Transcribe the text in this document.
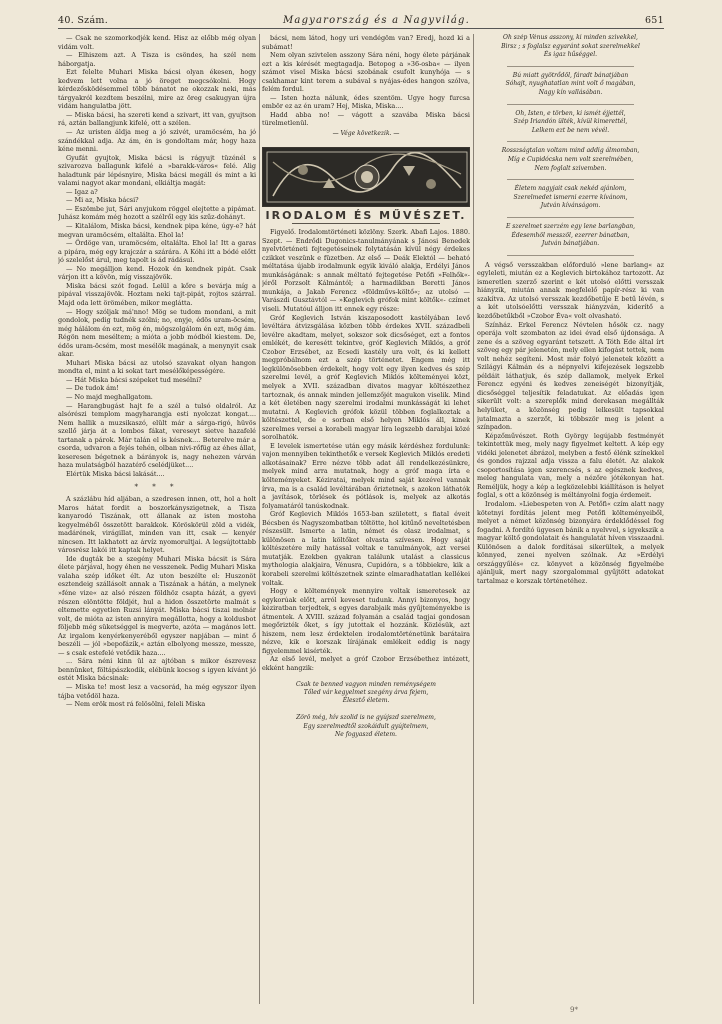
40. Szám.	Magyarország és a Nagyvilág.	651

— Csak ne szomorkodjék kend. Hisz az előbb még olyan vidám volt.

— Elhiszem azt. A Tisza is csöndes, ha szél nem háborgatja.

Ezt felelte Muhari Miska bácsi olyan ékesen, hogy kedvem lett volna a jó öreget megcsókolni. Hogy kérdezősködésemmel több bánatot ne okozzak neki, más tárgyakról kezdtem beszélni, mire az öreg csakugyan újra vidám hangulatba jött.

— Miska bácsi, ha szereti kend a szivart, itt van, gyujtson rá, aztán ballangjunk kifelé, ott a szélen.

— Az uristen áldja meg a jó szivét, uramöcsém, ha jó szándékkal adja. Az ám, én is gondoltam már, hogy haza kéne menni.

Gyufát gyujtok, Miska bácsi is rágyujt tüzénél s szivarozva ballagunk kifelé a »barakk-város« felé. Alig haladtunk pár lépésnyire, Miska bácsi megáll és mint a ki valami nagyot akar mondani, elkiáltja magát:

— Igaz a?

— Mi az, Miska bácsi?

— Eszömbe jut, Sári anyjukom röggel elejtette a pipámat. Juhász komám még hozott a szélről egy kis szűz-dohányt.

— Kitalálom, Miska bácsi, kendnek pipa kéne, úgy-e? hát megvan uramöcsém, eltaláltа. Ehol la!

— Ördöge van, uramöcsém, eltalálta. Ehol la! Itt a garas a pipára, még egy krajczár a szárára. A Kóhi itt a bódé előtt jó szelelőst árul, meg tapolt is ád rádásul.

— No megálljon kend. Hozok én kendnek pipát. Csak várjon itt a kövön, míg visszajövök.

Miska bácsi szót fogad. Lelül a kőre s bevárja míg a pipával visszajövök. Hoztam neki tajt-pipát, rojtos szárral. Majd oda lett örömében, mikor meglátta.

— Hogy szóljak má'nno! Mög se tudom mondani, a mit gondolok, pedig tudnék szólni; no, enyje, édös uram-öcsém, még hálálom én ezt, mög én, mögszolgálom én ezt, mög ám. Régön nem meséltem; a mióta a jobb módból kiestem. De, édös uram-öcsém, most mesélök magának, a menynyit csak akar.

Muhari Miska bácsi az utolsó szavakat olyan hangon mondta el, mint a ki sokat tart mesélőképességére.

— Hát Miska bácsi szépeket tud mesélni?

— De tudok ám!

— No majd meghallgatom.

— Harangbugást hajt fe a szél a tulsó oldalról. Az alsórészi templom magyharangja esti nyolczat kongat.... Nem hallik a muzsikaszó, elült már a sárga-rigó, hüvös szellő járja át a lombos fákat, vereseyt sietve hazafelé tartanak a párok. Már talán el is késnek.... Beterelve már a csorda, udvaron a fejés tehén, olban nivi-rőfüg az éhes állat, keseresen bégetnek a bárányok is, nagy nehezen várván haza mulatságból hazatérő cselédjüket....

Elértük Miska bácsi lakását....

* * *

A százlábu híd aljában, a szedresen innen, ott, hol a holt Maros hátat fordit a boszorkányszigetnek, a Tisza kanyarodó Tiszának, ott állanak az isten mostoha kegyelméből összetött barakkok. Köröskörül zöld a vidék, madárének, virágillat, minden van itt, csak — kenyér nincsen. Itt lakhatott az árvíz nyomorultjai. A legsújtottabb városrész lakói itt kaptak helyet.

Ide dugták be a szegény Muhari Miska bácsit is Sára élete párjával, hogy éhen ne vesszenek. Pedig Muhari Miska valaha szép időket élt. Az uton beszélte el: Huszonöt esztendeig szállásolt annak a Tiszának a hátán, a melynek »féne vize« az alsó részen földhöz csapta házát, a gyevi részen elöntötte földjét, hul a hidon összetörte malmát s eltemette egyetlen Ruzsi lányát. Miska bácsi tiszai molnár volt, de mióta az isten annyira megállotta, hogy a koldusbot följebb még süketséggel is megverte, azóta — magános lett. Az irgalom kenyérkenyeréből egyszer napjában — mint ő beszéli — jól »bepofázik,« aztán elbolyong messze, messze, — s csak estefelé vetődik haza....

... Sára néni kinn ül az ajtóban s mikor észrevesz bennünket, föltápászkodik, elébünk kocsog s igyen kívánt jó estét Miska bácsinak:

— Miska te! most lesz a vacsorád, ha még egyszor ilyen tájba vetődöl haza.

— Nem erök most rá felösölni, feleli Miska

bácsi, nem látod, hogy uri vendégöm van? Eredj, hozd ki a subámat!

Nem olyan szivtelen asszony Sára néni, hogy élete párjának ezt a kis kérését megtagadja. Betopog a »36-osba« — ilyen számot visel Miska bácsi szobának csufolt kunyhója — s csakhamar kint terem a subával s nyájas-édes hangon szólva, felém fordul.

— Isten hozta nálunk, édes szentöm. Ugye hogy furcsa embör ez az én uram? Hej, Miska, Miska....

Hadd abba no! — vágott a szavába Miska bácsi türelmetlenül.

— Vége következik. —
IRODALOM ÉS MŰVÉSZET.

Figyelő. Irodalomtörténeti közlöny. Szerk. Abafi Lajos. 1880. Szept. — Endrődi Dugonics-tanulmányának s Jánosi Benedek nyelvtörténeti fejtegetéseinek folytatásán kívül négy érdekes czikket veszünk e füzetben. Az első — Deák Elektól — beható méltatása újabb irodalmunk egyik kiváló alakja, Erdélyi János munkáságának: s annak méltató fejtegetése Petőfi »Felhők«-jéről Porzsolt Kálmántól; a harmadikban Beretti János munkája, a Jakab Ferencz »földművs-költő«; az utolsó — Varászdi Gusztávtól — »Keglevich grófok mint költők«- czímet viseli. Mutatóul álljon itt ennek egy része:

Gróf Keglevich István kiszaposodott kastélyában levő levéltára átvizsgálása közben több érdekes XVII. századbeli levélre akadtam, melyet, sokszor sok dicsőséget, ezt a fontos emlékét, de keresétt tekintve, gróf Keglevich Miklós, a gróf Czobor Erzsébet, az Ecsedi kastély ura volt, és ki kellett megpróbálnom ezt a szép történetet. Engem még itt legkülönösebben érdekelt, hogy volt egy ilyen kedves és szép szerelmi levél, a gróf Keglevich Miklós költeményei közt, melyek a XVII. században divatos magyar költészethez tartoznak, és annak minden jellemzőjét magukon viselik. Mind a két életében nagy szerelmi irodalmi munkásságát ki lehet mutatni. A Keglevich grófok közül többen foglalkoztak a költészettel, de e sorban első helyen Miklós áll, kinek szerelmes versei a korabeli magyar líra legszebb darabjai közé sorolhatók.

E levelek ismertetése után egy másik kérdéshez fordulunk: vajon mennyiben tekinthetők e versek Keglevich Miklós eredeti alkotásainak? Erre nézve több adat áll rendelkezésünkre, melyek mind arra mutatnak, hogy a gróf maga írta e költeményeket. Kéziratai, melyek mind saját kezével vannak írva, ma is a család levéltárában őriztetnek, s azokon láthatók a javítások, törlések és pótlások is, melyek az alkotás folyamatáról tanúskodnak.

Gróf Keglevich Miklós 1653-ban született, s fiatal éveit Bécsben és Nagyszombatban töltötte, hol kitűnő neveltetésben részesült. Ismerte a latin, német és olasz irodalmat, s különösen a latin költőket olvasta szívesen. Hogy saját költészetére mily hatással voltak e tanulmányok, azt versei mutatják. Ezekben gyakran találunk utalást a classicus mythologia alakjaira, Vénusra, Cupidóra, s a többiekre, kik a korabeli szerelmi költészetnek szinte elmaradhatatlan kellékei voltak.

Hogy e költemények mennyire voltak ismeretesek az egykorúak előtt, arról keveset tudunk. Annyi bizonyos, hogy kéziratban terjedtek, s egyes darabjaik más gyűjteményekbe is átmentek. A XVIII. század folyamán a család tagjai gondosan megőrizték őket, s így jutottak el hozzánk. Közlésük, azt hiszem, nem lesz érdektelen irodalomtörténetünk barátaira nézve, kik e korszak lírájának emlékeit eddig is nagy figyelemmel kisérték.

Az első levél, melyet a gróf Czobor Erzsébethez intézett, ekként hangzik:

Csak te benned vagyon minden reménységem
Tőled vár kegyelmet szegény árva fejem,
Élesztő életem.

Zörö még, hív szolid is ne gyújszd szerelmem,
Egy szerelmedtől szokáidult gyújtelmem,
Ne fogyaszd életem.
Oh szép Vénus asszony, ki minden szivekkel,
Birsz ; s foglalsz egyaránt sokat szerelmekkel
És igaz hűséggel.
Bú miatt gyötrődöl, fáradt bánatjában
Sóhajt, nyughatatlan mint volt ő magában,
Nagy kín vallásában.
Oh, Isten, e törben, ki ismét éjjettél,
Szép Iriandón ülték, kívül kimerettél,
Lelkem ezt be nem vévél.
Rosszságtalan voltam mind addig álmomban,
Míg e Cupidócska nem volt szerelmében,
Nem foglalt szivemben.
Életem nagyjait csak nekéd ajánlom,
Szerelmedet ismerni ezerre kívánom,
Jutván kívánságom.
E szerelmet szerzém egy lene barlangban,
Édesemhöl messzöl, ezerrer bánatban,
Jutván bánatjában.

A végső versszakban előforduló »lene barlang« az egyleleti, miután ez a Keglevich birtokához tartozott. Az ismeretlen szerző szerint e két utolsó előtti versszak hiányzik, miután annak megfelelő papír-rész ki van szakítva. Az utolsó versszak kezdőbetűje E betű lévén, s a két utolsóelőtti versszak hiányzván, kiderítő a kezdőbetűkből »Czobor Éva« volt olvasható.

Színház. Erkel Ferencz Névtelen hősök cz. nagy operája volt szombaton az idei évad első újdonsága. A zene és a szöveg egyaránt tetszett. A Tóth Ede által írt szöveg egy pár jelenetén, mely ellen kifogást tettek, nem volt nehéz segíteni. Most már folyó jelenetek között a Szilágyi Kálmán és a népnyelvi kifejezések legszebb példáit láthatjuk, és szép dallamok, melyek Erkel Ferencz egyéni és kedves zeneiségét bizonyítják, dicsőséggel teljesítik feladatukat. Az előadás igen sikerült volt: a szereplők mind derekasan megállták helyüket, a közönség pedig lelkesült tapsokkal jutalmazta a szerzőt, ki többször meg is jelent a színpadon.

Képzőművészet. Roth György legújabb festményét tekintettük meg, mely nagy figyelmet keltett. A kép egy vidéki jelenetet ábrázol, melyben a festő élénk színekkel és gondos rajzzal adja vissza a falu életét. Az alakok csoportosítása igen szerencsés, s az egésznek kedves, meleg hangulata van, mely a nézőre jótékonyan hat. Reméljük, hogy a kép a legközelebbi kiállításon is helyet foglal, s ott a közönség is méltányolni fogja érdemeit.

Irodalom. »Liebespeten von A. Petőfi« czím alatt nagy kötetnyi fordítás jelent meg Petőfi költeményeiből, melyet a német közönség bizonyára érdeklődéssel fog fogadni. A fordító ügyesen bánik a nyelvvel, s igyekszik a magyar költő gondolatait és hangulatát híven visszaadni. Különösen a dalok fordításai sikerültek, a melyek könnyed, zenei nyelven szólnak. Az »Erdélyi országgyűlés« cz. könyvet a közönség figyelmébe ajánljuk, mert nagy szorgalommal gyűjtött adatokat tartalmaz e korszak történetéhez.

9*
